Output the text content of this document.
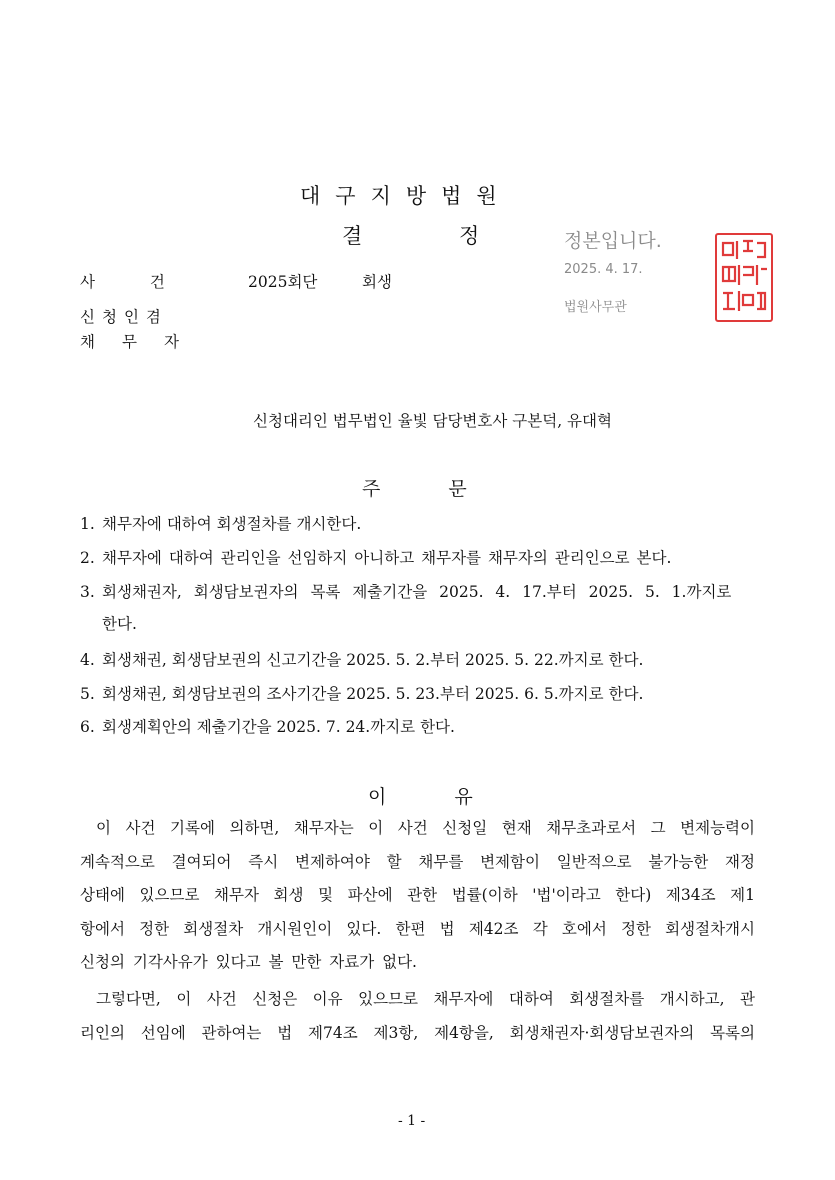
대구지방법원
결 정	정본입니다.
2025. 4. 17.
법원사무관
사 건	2025회단	회생
신청인겸
채무자
신청대리인 법무법인 율빛 담당변호사 구본덕, 유대혁
주 문
1. 채무자에 대하여 회생절차를 개시한다.
2. 채무자에 대하여 관리인을 선임하지 아니하고 채무자를 채무자의 관리인으로 본다.
3. 회생채권자, 회생담보권자의 목록 제출기간을 2025. 4. 17.부터 2025. 5. 1.까지로
한다.
4. 회생채권, 회생담보권의 신고기간을 2025. 5. 2.부터 2025. 5. 22.까지로 한다.
5. 회생채권, 회생담보권의 조사기간을 2025. 5. 23.부터 2025. 6. 5.까지로 한다.
6. 회생계획안의 제출기간을 2025. 7. 24.까지로 한다.
이 유
이 사건 기록에 의하면, 채무자는 이 사건 신청일 현재 채무초과로서 그 변제능력이
계속적으로 결여되어 즉시 변제하여야 할 채무를 변제함이 일반적으로 불가능한 재정
상태에 있으므로 채무자 회생 및 파산에 관한 법률(이하 '법'이라고 한다) 제34조 제1
항에서 정한 회생절차 개시원인이 있다. 한편 법 제42조 각 호에서 정한 회생절차개시
신청의 기각사유가 있다고 볼 만한 자료가 없다.
그렇다면, 이 사건 신청은 이유 있으므로 채무자에 대하여 회생절차를 개시하고, 관
리인의 선임에 관하여는 법 제74조 제3항, 제4항을, 회생채권자·회생담보권자의 목록의
- 1 -
